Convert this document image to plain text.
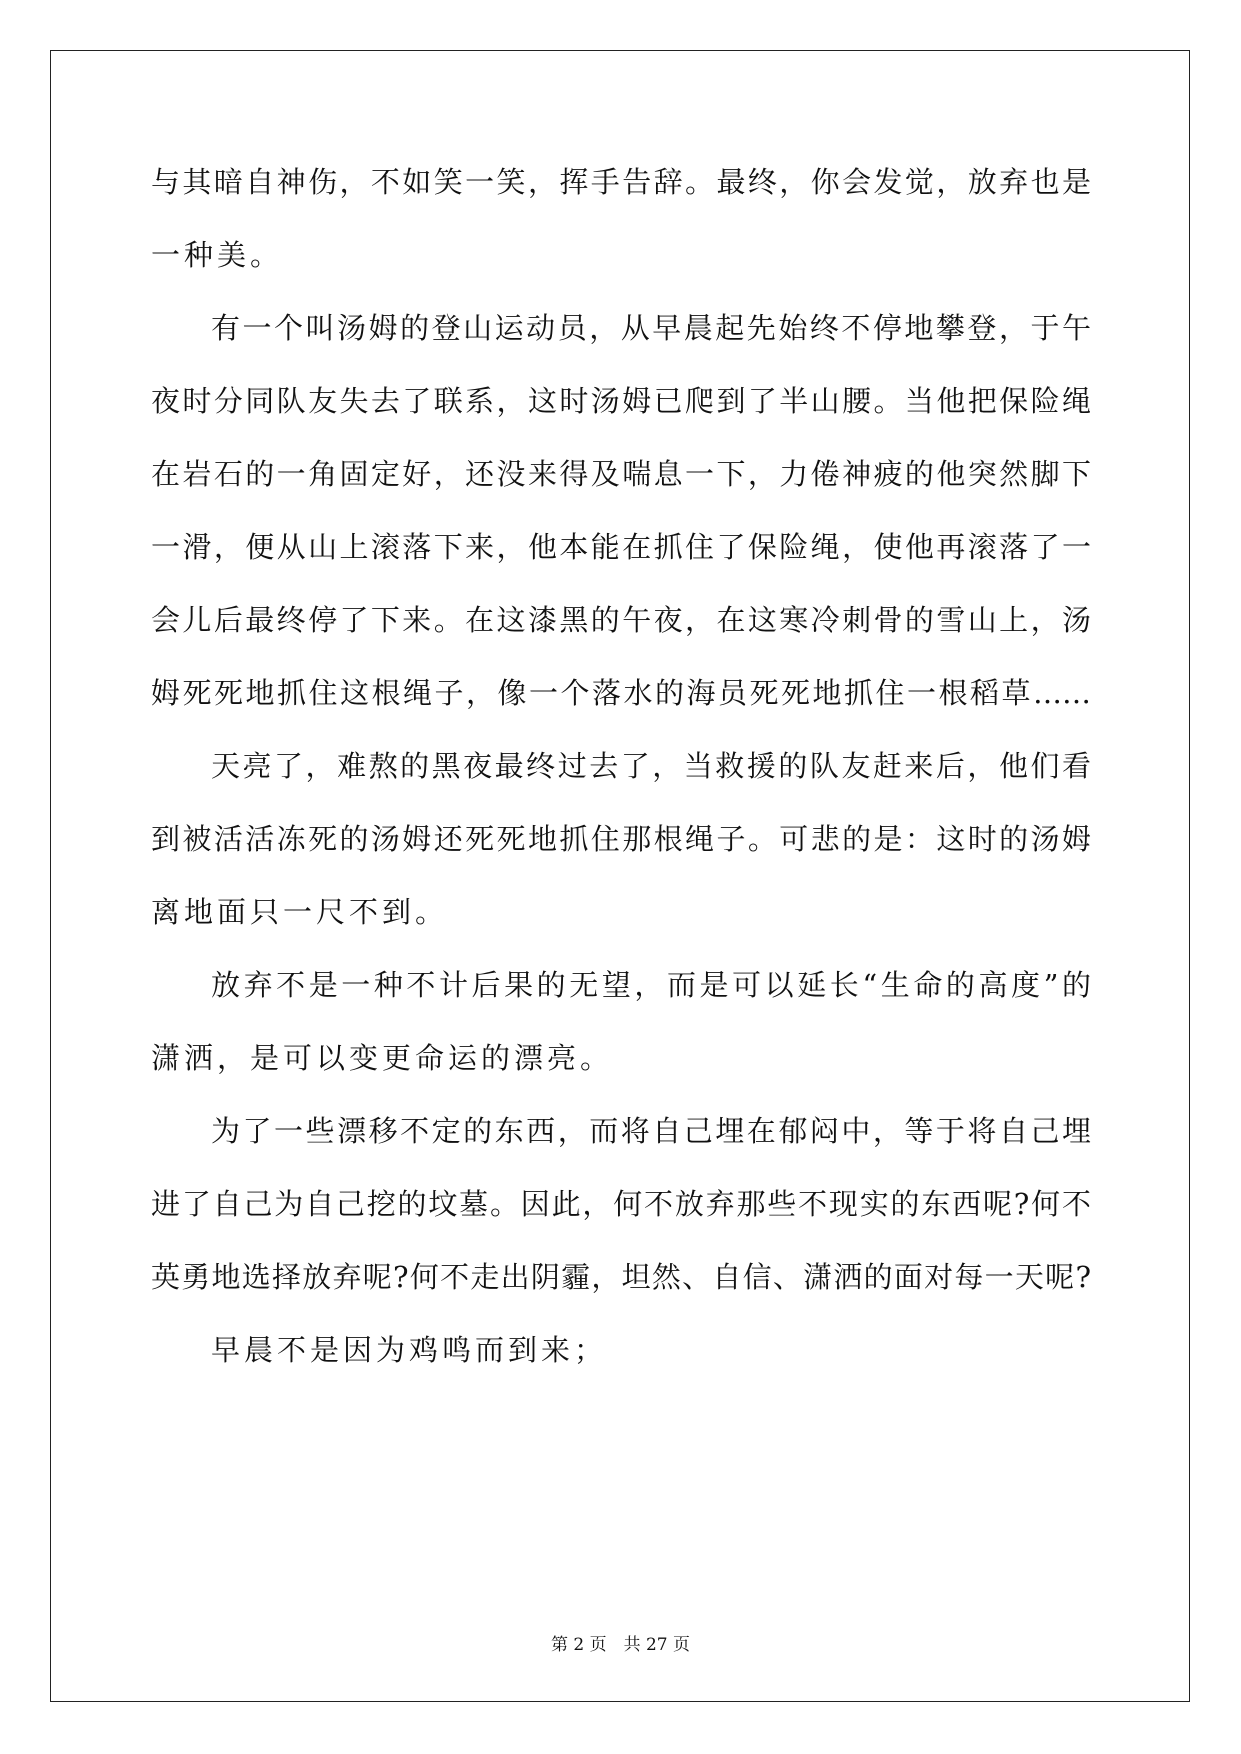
与其暗自神伤，不如笑一笑，挥手告辞。最终，你会发觉，放弃也是
一种美。
有一个叫汤姆的登山运动员，从早晨起先始终不停地攀登，于午
夜时分同队友失去了联系，这时汤姆已爬到了半山腰。当他把保险绳
在岩石的一角固定好，还没来得及喘息一下，力倦神疲的他突然脚下
一滑，便从山上滚落下来，他本能在抓住了保险绳，使他再滚落了一
会儿后最终停了下来。在这漆黑的午夜，在这寒冷刺骨的雪山上，汤
姆死死地抓住这根绳子，像一个落水的海员死死地抓住一根稻草……
天亮了，难熬的黑夜最终过去了，当救援的队友赶来后，他们看
到被活活冻死的汤姆还死死地抓住那根绳子。可悲的是：这时的汤姆
离地面只一尺不到。
放弃不是一种不计后果的无望，而是可以延长“生命的高度”的
潇洒，是可以变更命运的漂亮。
为了一些漂移不定的东西，而将自己埋在郁闷中，等于将自己埋
进了自己为自己挖的坟墓。因此，何不放弃那些不现实的东西呢?何不
英勇地选择放弃呢?何不走出阴霾，坦然、自信、潇洒的面对每一天呢?
早晨不是因为鸡鸣而到来；
第 2 页　共 27 页
